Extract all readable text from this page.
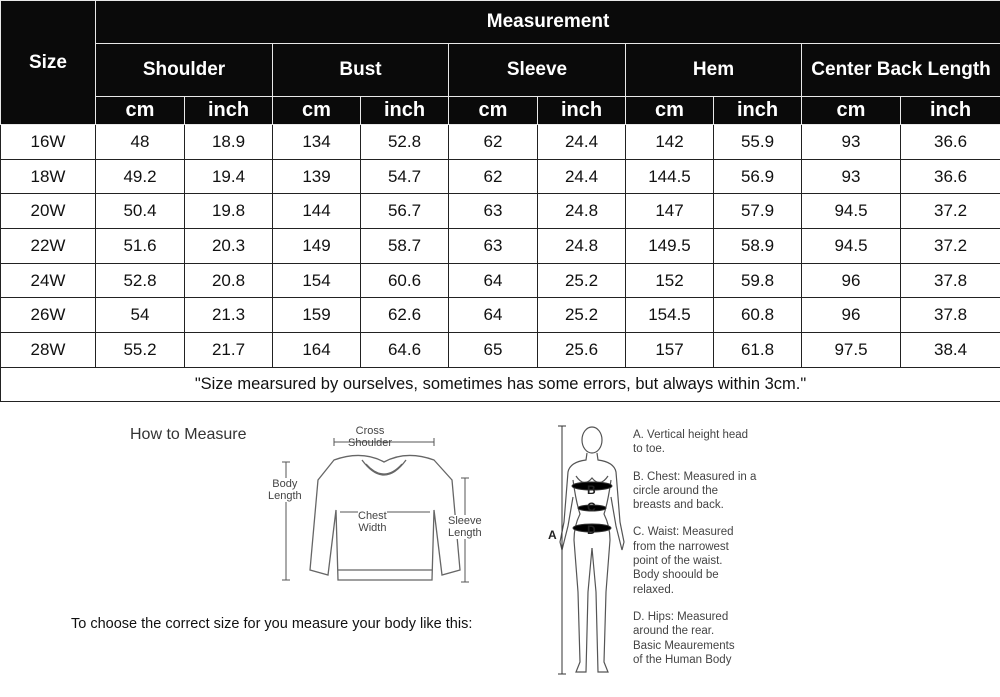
Size	Measurement									
	Shoulder		Bust		Sleeve		Hem		Center Back Length	
	cm	inch	cm	inch	cm	inch	cm	inch	cm	inch
16W	48	18.9	134	52.8	62	24.4	142	55.9	93	36.6
18W	49.2	19.4	139	54.7	62	24.4	144.5	56.9	93	36.6
20W	50.4	19.8	144	56.7	63	24.8	147	57.9	94.5	37.2
22W	51.6	20.3	149	58.7	63	24.8	149.5	58.9	94.5	37.2
24W	52.8	20.8	154	60.6	64	25.2	152	59.8	96	37.8
26W	54	21.3	159	62.6	64	25.2	154.5	60.8	96	37.8
28W	55.2	21.7	164	64.6	65	25.6	157	61.8	97.5	38.4
"Size mearsured by ourselves, sometimes has some errors, but always within 3cm."										
How to Measure	Cross
Shoulder
Body
Length
Chest
Width
Sleeve
Length
To choose the correct size for you measure your body like this:
A
B
C
D
A. Vertical height head
to toe.
B. Chest: Measured in a
circle around the
breasts and back.
C. Waist: Measured
from the narrowest
point of the waist.
Body shoould be
relaxed.
D. Hips: Measured
around the rear.
Basic Meaurements
of the Human Body
